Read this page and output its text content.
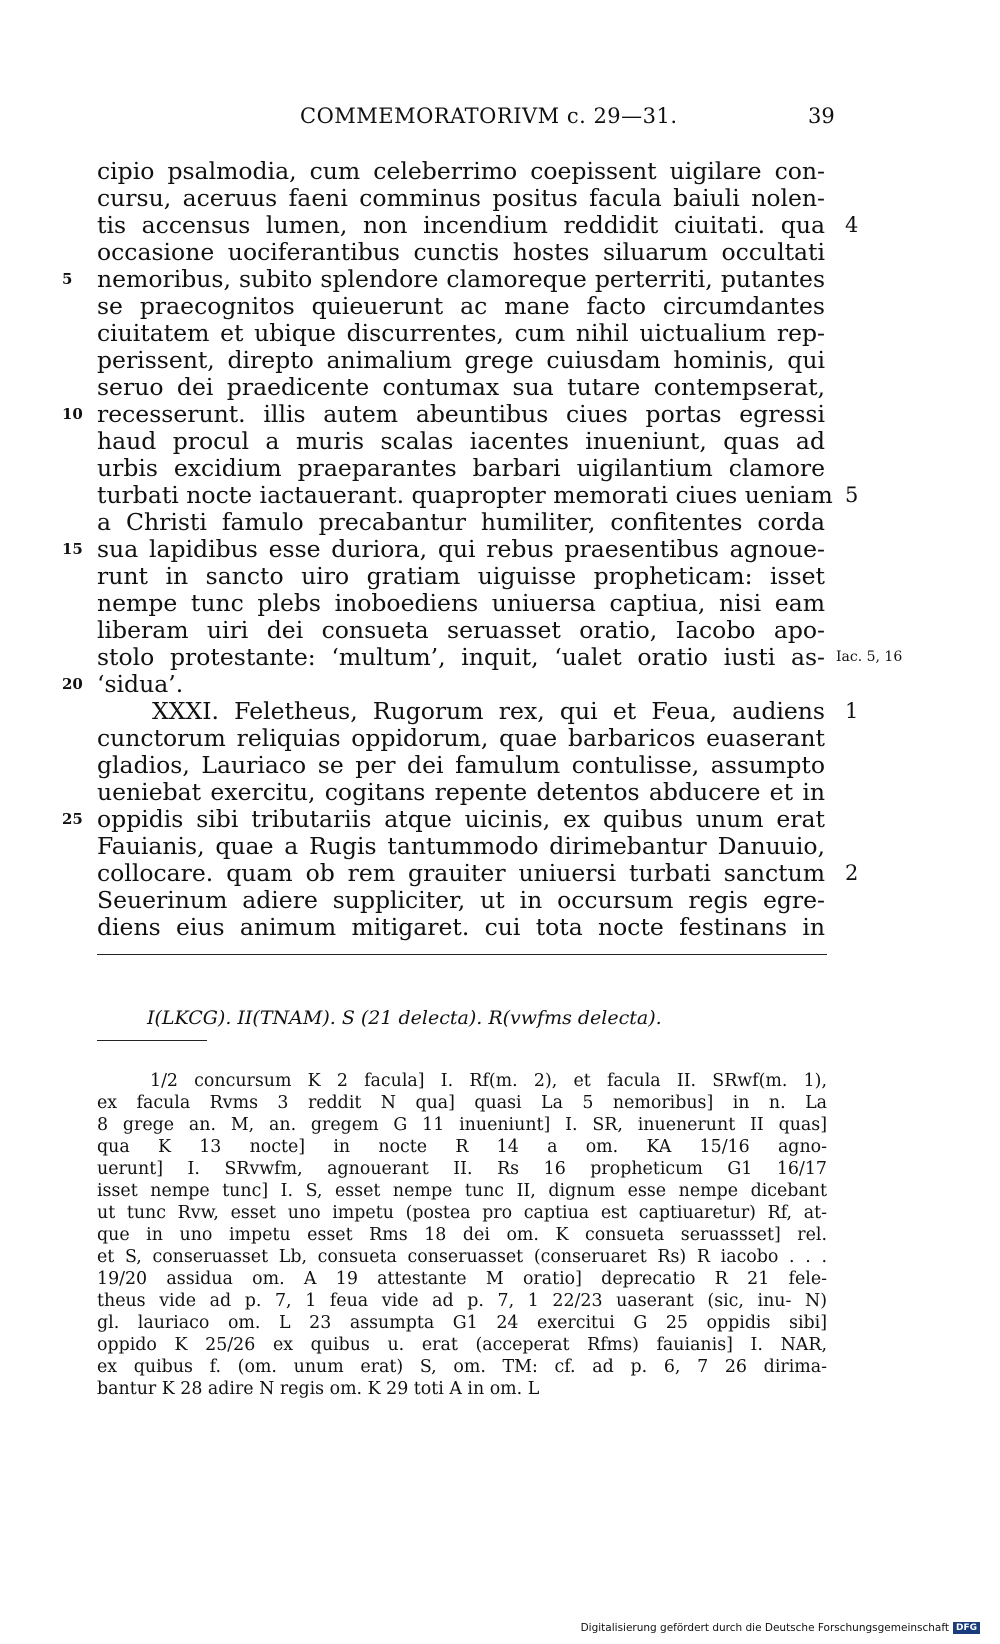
COMMEMORATORIVM c. 29—31.	39
cipio psalmodia, cum celeberrimo coepissent uigilare con-
cursu, aceruus faeni comminus positus facula baiuli nolen-
tis accensus lumen, non incendium reddidit ciuitati. qua 4
occasione uociferantibus cunctis hostes siluarum occultati
nemoribus, subito splendore clamoreque perterriti, putantes
5
se praecognitos quieuerunt ac mane facto circumdantes
ciuitatem et ubique discurrentes, cum nihil uictualium rep-
perissent, direpto animalium grege cuiusdam hominis, qui
seruo dei praedicente contumax sua tutare contempserat,
recesserunt. illis autem abeuntibus ciues portas egressi
10
haud procul a muris scalas iacentes inueniunt, quas ad
urbis excidium praeparantes barbari uigilantium clamore
turbati nocte iactauerant. quapropter memorati ciues ueniam 5
a Christi famulo precabantur humiliter, confitentes corda
sua lapidibus esse duriora, qui rebus praesentibus agnoue-
15
runt in sancto uiro gratiam uiguisse propheticam: isset
nempe tunc plebs inoboediens uniuersa captiua, nisi eam
liberam uiri dei consueta seruasset oratio, Iacobo apo-
stolo protestante: ‘multum’, inquit, ‘ualet oratio iusti as- Iac. 5, 16
‘sidua’.
20
XXXI. Feletheus, Rugorum rex, qui et Feua, audiens 1
cunctorum reliquias oppidorum, quae barbaricos euaserant
gladios, Lauriaco se per dei famulum contulisse, assumpto
ueniebat exercitu, cogitans repente detentos abducere et in
oppidis sibi tributariis atque uicinis, ex quibus unum erat
25
Fauianis, quae a Rugis tantummodo dirimebantur Danuuio,
collocare. quam ob rem grauiter uniuersi turbati sanctum 2
Seuerinum adiere suppliciter, ut in occursum regis egre-
diens eius animum mitigaret. cui tota nocte festinans in
I(LKCG). II(TNAM). S (21 delecta). R(vwfms delecta).
1/2 concursum K 2 facula] I. Rf(m. 2), et facula II. SRwf(m. 1),
ex facula Rvms 3 reddit N qua] quasi La 5 nemoribus] in n. La
8 grege an. M, an. gregem G 11 inueniunt] I. SR, inuenerunt II quas]
qua K 13 nocte] in nocte R 14 a om. KA 15/16 agno-
uerunt] I. SRvwfm, agnouerant II. Rs 16 propheticum G1 16/17
isset nempe tunc] I. S, esset nempe tunc II, dignum esse nempe dicebant
ut tunc Rvw, esset uno impetu (postea pro captiua est captiuaretur) Rf, at-
que in uno impetu esset Rms 18 dei om. K consueta seruassset] rel.
et S, conseruasset Lb, consueta conseruasset (conseruaret Rs) R iacobo . . .
19/20 assidua om. A 19 attestante M oratio] deprecatio R 21 fele-
theus vide ad p. 7, 1 feua vide ad p. 7, 1 22/23 uaserant (sic, inu- N)
gl. lauriaco om. L 23 assumpta G1 24 exercitui G 25 oppidis sibi]
oppido K 25/26 ex quibus u. erat (acceperat Rfms) fauianis] I. NAR,
ex quibus f. (om. unum erat) S, om. TM: cf. ad p. 6, 7 26 dirima-
bantur K 28 adire N regis om. K 29 toti A in om. L
Digitalisierung gefördert durch die Deutsche Forschungsgemeinschaft DFG
